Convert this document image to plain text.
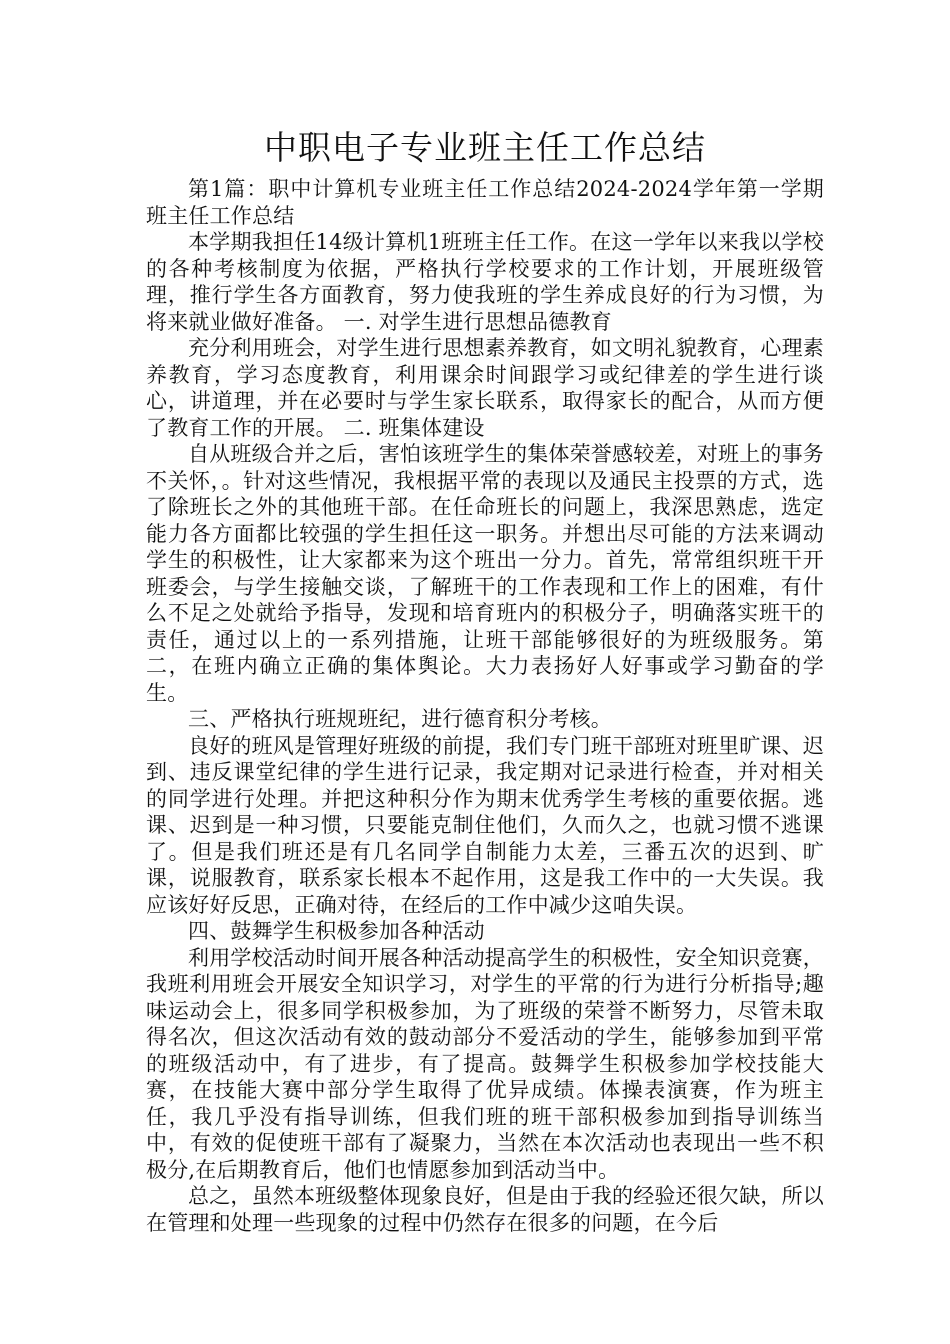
中职电子专业班主任工作总结

第1篇：职中计算机专业班主任工作总结2024-2024学年第一学期班主任工作总结

本学期我担任14级计算机1班班主任工作。在这一学年以来我以学校的各种考核制度为依据，严格执行学校要求的工作计划，开展班级管理，推行学生各方面教育，努力使我班的学生养成良好的行为习惯，为将来就业做好准备。 一. 对学生进行思想品德教育

充分利用班会，对学生进行思想素养教育，如文明礼貌教育，心理素养教育，学习态度教育，利用课余时间跟学习或纪律差的学生进行谈心，讲道理，并在必要时与学生家长联系，取得家长的配合，从而方便了教育工作的开展。 二. 班集体建设

自从班级合并之后，害怕该班学生的集体荣誉感较差，对班上的事务不关怀，。针对这些情况，我根据平常的表现以及通民主投票的方式，选了除班长之外的其他班干部。在任命班长的问题上，我深思熟虑，选定能力各方面都比较强的学生担任这一职务。并想出尽可能的方法来调动学生的积极性，让大家都来为这个班出一分力。首先，常常组织班干开班委会，与学生接触交谈，了解班干的工作表现和工作上的困难，有什么不足之处就给予指导，发现和培育班内的积极分子，明确落实班干的责任，通过以上的一系列措施，让班干部能够很好的为班级服务。第二，在班内确立正确的集体舆论。大力表扬好人好事或学习勤奋的学生。

三、严格执行班规班纪，进行德育积分考核。

良好的班风是管理好班级的前提，我们专门班干部班对班里旷课、迟到、违反课堂纪律的学生进行记录，我定期对记录进行检查，并对相关的同学进行处理。并把这种积分作为期末优秀学生考核的重要依据。逃课、迟到是一种习惯，只要能克制住他们，久而久之，也就习惯不逃课了。但是我们班还是有几名同学自制能力太差，三番五次的迟到、旷课，说服教育，联系家长根本不起作用，这是我工作中的一大失误。我应该好好反思，正确对待，在经后的工作中减少这咱失误。

四、鼓舞学生积极参加各种活动

利用学校活动时间开展各种活动提高学生的积极性，安全知识竞赛，我班利用班会开展安全知识学习，对学生的平常的行为进行分析指导;趣味运动会上，很多同学积极参加，为了班级的荣誉不断努力，尽管未取得名次，但这次活动有效的鼓动部分不爱活动的学生，能够参加到平常的班级活动中，有了进步，有了提高。鼓舞学生积极参加学校技能大赛，在技能大赛中部分学生取得了优异成绩。体操表演赛，作为班主任，我几乎没有指导训练，但我们班的班干部积极参加到指导训练当中，有效的促使班干部有了凝聚力，当然在本次活动也表现出一些不积极分,在后期教育后，他们也情愿参加到活动当中。

总之，虽然本班级整体现象良好，但是由于我的经验还很欠缺，所以在管理和处理一些现象的过程中仍然存在很多的问题，在今后
